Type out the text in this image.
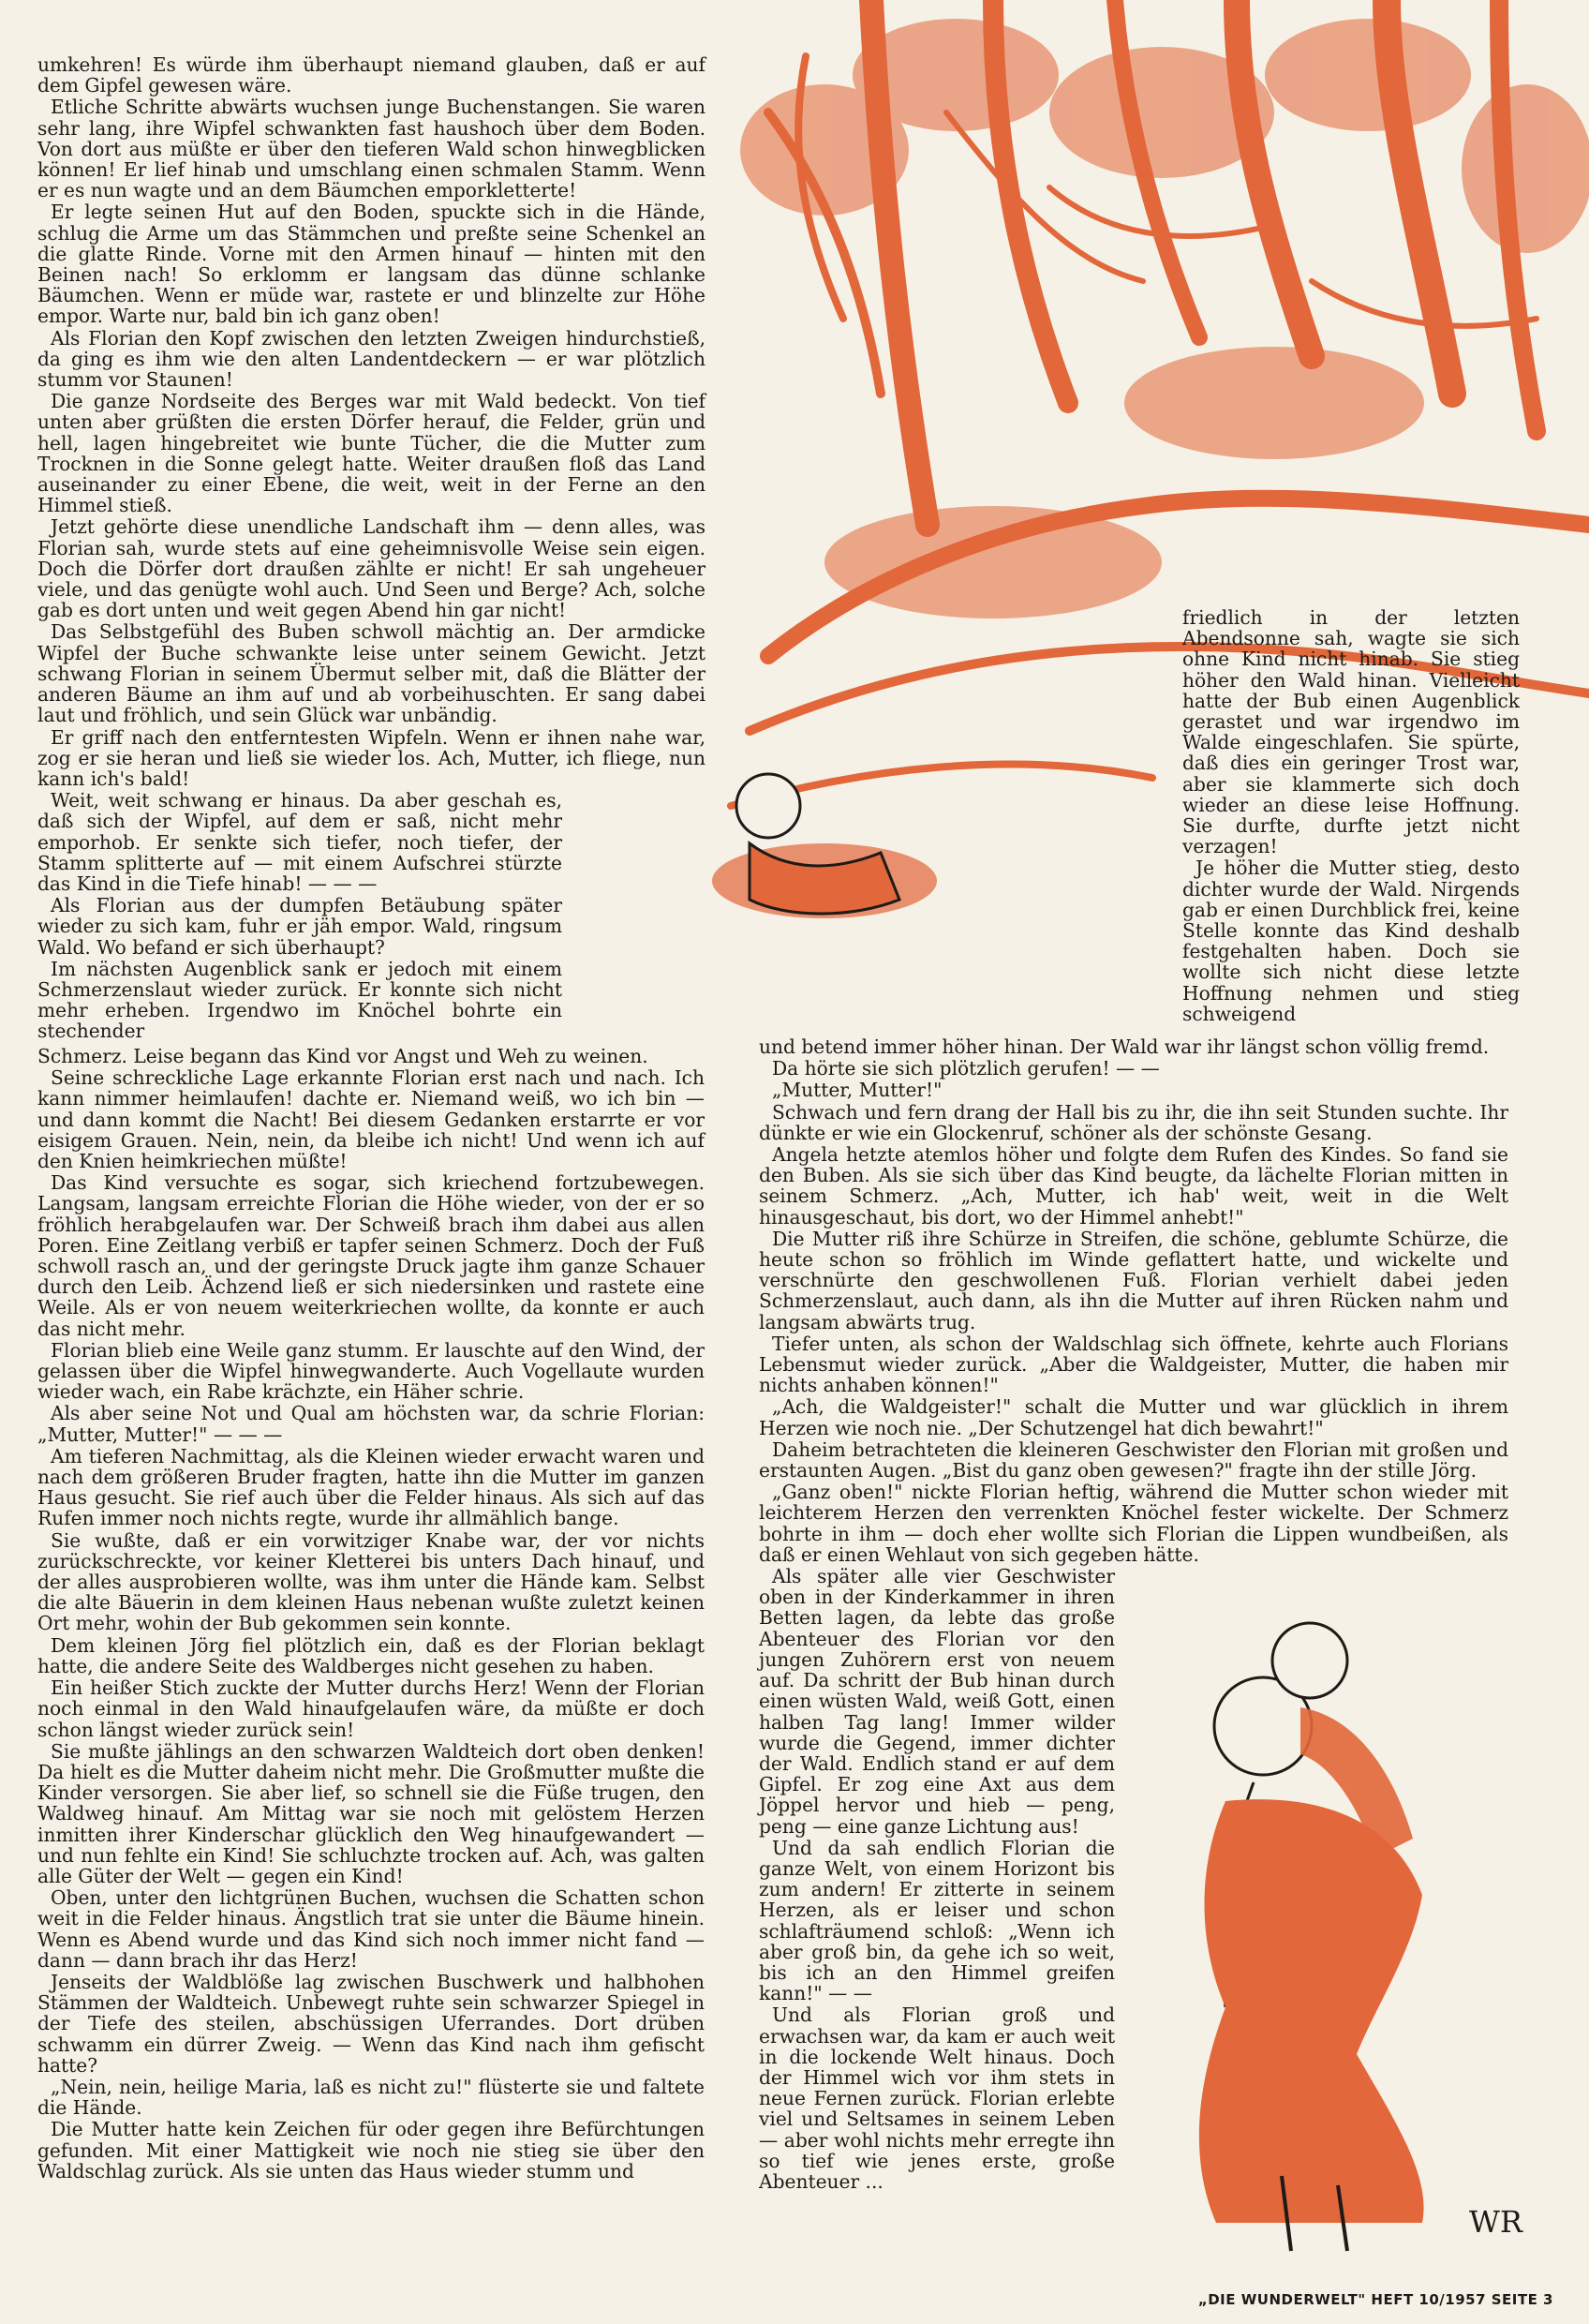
WR

umkehren! Es würde ihm überhaupt niemand glauben, daß er auf dem Gipfel gewesen wäre.

Etliche Schritte abwärts wuchsen junge Buchenstangen. Sie waren sehr lang, ihre Wipfel schwankten fast haushoch über dem Boden. Von dort aus müßte er über den tieferen Wald schon hinwegblicken können! Er lief hinab und umschlang einen schmalen Stamm. Wenn er es nun wagte und an dem Bäumchen emporkletterte!

Er legte seinen Hut auf den Boden, spuckte sich in die Hände, schlug die Arme um das Stämmchen und preßte seine Schenkel an die glatte Rinde. Vorne mit den Armen hinauf — hinten mit den Beinen nach! So erklomm er langsam das dünne schlanke Bäumchen. Wenn er müde war, rastete er und blinzelte zur Höhe empor. Warte nur, bald bin ich ganz oben!

Als Florian den Kopf zwischen den letzten Zweigen hindurchstieß, da ging es ihm wie den alten Landentdeckern — er war plötzlich stumm vor Staunen!

Die ganze Nordseite des Berges war mit Wald bedeckt. Von tief unten aber grüßten die ersten Dörfer herauf, die Felder, grün und hell, lagen hingebreitet wie bunte Tücher, die die Mutter zum Trocknen in die Sonne gelegt hatte. Weiter draußen floß das Land auseinander zu einer Ebene, die weit, weit in der Ferne an den Himmel stieß.

Jetzt gehörte diese unendliche Landschaft ihm — denn alles, was Florian sah, wurde stets auf eine geheimnisvolle Weise sein eigen. Doch die Dörfer dort draußen zählte er nicht! Er sah ungeheuer viele, und das genügte wohl auch. Und Seen und Berge? Ach, solche gab es dort unten und weit gegen Abend hin gar nicht!

Das Selbstgefühl des Buben schwoll mächtig an. Der armdicke Wipfel der Buche schwankte leise unter seinem Gewicht. Jetzt schwang Florian in seinem Übermut selber mit, daß die Blätter der anderen Bäume an ihm auf und ab vorbeihuschten. Er sang dabei laut und fröhlich, und sein Glück war unbändig.

Er griff nach den entferntesten Wipfeln. Wenn er ihnen nahe war, zog er sie heran und ließ sie wieder los. Ach, Mutter, ich fliege, nun kann ich's bald!

Weit, weit schwang er hinaus. Da aber geschah es, daß sich der Wipfel, auf dem er saß, nicht mehr emporhob. Er senkte sich tiefer, noch tiefer, der Stamm splitterte auf — mit einem Aufschrei stürzte das Kind in die Tiefe hinab! — — —

Als Florian aus der dumpfen Betäubung später wieder zu sich kam, fuhr er jäh empor. Wald, ringsum Wald. Wo befand er sich überhaupt?

Im nächsten Augenblick sank er jedoch mit einem Schmerzenslaut wieder zurück. Er konnte sich nicht mehr erheben. Irgendwo im Knöchel bohrte ein stechender

friedlich in der letzten Abendsonne sah, wagte sie sich ohne Kind nicht hinab. Sie stieg höher den Wald hinan. Vielleicht hatte der Bub einen Augenblick gerastet und war irgendwo im Walde eingeschlafen. Sie spürte, daß dies ein geringer Trost war, aber sie klammerte sich doch wieder an diese leise Hoffnung. Sie durfte, durfte jetzt nicht verzagen!

Je höher die Mutter stieg, desto dichter wurde der Wald. Nirgends gab er einen Durchblick frei, keine Stelle konnte das Kind deshalb festgehalten haben. Doch sie wollte sich nicht diese letzte Hoffnung nehmen und stieg schweigend

und betend immer höher hinan. Der Wald war ihr längst schon völlig fremd.

Da hörte sie sich plötzlich gerufen! — —

„Mutter, Mutter!"

Schwach und fern drang der Hall bis zu ihr, die ihn seit Stunden suchte. Ihr dünkte er wie ein Glockenruf, schöner als der schönste Gesang.

Angela hetzte atemlos höher und folgte dem Rufen des Kindes. So fand sie den Buben. Als sie sich über das Kind beugte, da lächelte Florian mitten in seinem Schmerz. „Ach, Mutter, ich hab' weit, weit in die Welt hinausgeschaut, bis dort, wo der Himmel anhebt!"

Die Mutter riß ihre Schürze in Streifen, die schöne, geblumte Schürze, die heute schon so fröhlich im Winde geflattert hatte, und wickelte und verschnürte den geschwollenen Fuß. Florian verhielt dabei jeden Schmerzenslaut, auch dann, als ihn die Mutter auf ihren Rücken nahm und langsam abwärts trug.

Tiefer unten, als schon der Waldschlag sich öffnete, kehrte auch Florians Lebensmut wieder zurück. „Aber die Waldgeister, Mutter, die haben mir nichts anhaben können!"

„Ach, die Waldgeister!" schalt die Mutter und war glücklich in ihrem Herzen wie noch nie. „Der Schutzengel hat dich bewahrt!"

Daheim betrachteten die kleineren Geschwister den Florian mit großen und erstaunten Augen. „Bist du ganz oben gewesen?" fragte ihn der stille Jörg.

„Ganz oben!" nickte Florian heftig, während die Mutter schon wieder mit leichterem Herzen den verrenkten Knöchel fester wickelte. Der Schmerz bohrte in ihm — doch eher wollte sich Florian die Lippen wundbeißen, als daß er einen Wehlaut von sich gegeben hätte.

Als später alle vier Geschwister oben in der Kinderkammer in ihren Betten lagen, da lebte das große Abenteuer des Florian vor den jungen Zuhörern erst von neuem auf. Da schritt der Bub hinan durch einen wüsten Wald, weiß Gott, einen halben Tag lang! Immer wilder wurde die Gegend, immer dichter der Wald. Endlich stand er auf dem Gipfel. Er zog eine Axt aus dem Jöppel hervor und hieb — peng, peng — eine ganze Lichtung aus!

Und da sah endlich Florian die ganze Welt, von einem Horizont bis zum andern! Er zitterte in seinem Herzen, als er leiser und schon schlafträumend schloß: „Wenn ich aber groß bin, da gehe ich so weit, bis ich an den Himmel greifen kann!" — —

Und als Florian groß und erwachsen war, da kam er auch weit in die lockende Welt hinaus. Doch der Himmel wich vor ihm stets in neue Fernen zurück. Florian erlebte viel und Seltsames in seinem Leben — aber wohl nichts mehr erregte ihn so tief wie jenes erste, große Abenteuer ...

Schmerz. Leise begann das Kind vor Angst und Weh zu weinen.

Seine schreckliche Lage erkannte Florian erst nach und nach. Ich kann nimmer heimlaufen! dachte er. Niemand weiß, wo ich bin — und dann kommt die Nacht! Bei diesem Gedanken erstarrte er vor eisigem Grauen. Nein, nein, da bleibe ich nicht! Und wenn ich auf den Knien heimkriechen müßte!

Das Kind versuchte es sogar, sich kriechend fortzubewegen. Langsam, langsam erreichte Florian die Höhe wieder, von der er so fröhlich herabgelaufen war. Der Schweiß brach ihm dabei aus allen Poren. Eine Zeitlang verbiß er tapfer seinen Schmerz. Doch der Fuß schwoll rasch an, und der geringste Druck jagte ihm ganze Schauer durch den Leib. Ächzend ließ er sich niedersinken und rastete eine Weile. Als er von neuem weiterkriechen wollte, da konnte er auch das nicht mehr.

Florian blieb eine Weile ganz stumm. Er lauschte auf den Wind, der gelassen über die Wipfel hinwegwanderte. Auch Vogellaute wurden wieder wach, ein Rabe krächzte, ein Häher schrie.

Als aber seine Not und Qual am höchsten war, da schrie Florian: „Mutter, Mutter!" — — —

Am tieferen Nachmittag, als die Kleinen wieder erwacht waren und nach dem größeren Bruder fragten, hatte ihn die Mutter im ganzen Haus gesucht. Sie rief auch über die Felder hinaus. Als sich auf das Rufen immer noch nichts regte, wurde ihr allmählich bange.

Sie wußte, daß er ein vorwitziger Knabe war, der vor nichts zurückschreckte, vor keiner Kletterei bis unters Dach hinauf, und der alles ausprobieren wollte, was ihm unter die Hände kam. Selbst die alte Bäuerin in dem kleinen Haus nebenan wußte zuletzt keinen Ort mehr, wohin der Bub gekommen sein konnte.

Dem kleinen Jörg fiel plötzlich ein, daß es der Florian beklagt hatte, die andere Seite des Waldberges nicht gesehen zu haben.

Ein heißer Stich zuckte der Mutter durchs Herz! Wenn der Florian noch einmal in den Wald hinaufgelaufen wäre, da müßte er doch schon längst wieder zurück sein!

Sie mußte jählings an den schwarzen Waldteich dort oben denken! Da hielt es die Mutter daheim nicht mehr. Die Großmutter mußte die Kinder versorgen. Sie aber lief, so schnell sie die Füße trugen, den Waldweg hinauf. Am Mittag war sie noch mit gelöstem Herzen inmitten ihrer Kinderschar glücklich den Weg hinaufgewandert — und nun fehlte ein Kind! Sie schluchzte trocken auf. Ach, was galten alle Güter der Welt — gegen ein Kind!

Oben, unter den lichtgrünen Buchen, wuchsen die Schatten schon weit in die Felder hinaus. Ängstlich trat sie unter die Bäume hinein. Wenn es Abend wurde und das Kind sich noch immer nicht fand — dann — dann brach ihr das Herz!

Jenseits der Waldblöße lag zwischen Buschwerk und halbhohen Stämmen der Waldteich. Unbewegt ruhte sein schwarzer Spiegel in der Tiefe des steilen, abschüssigen Uferrandes. Dort drüben schwamm ein dürrer Zweig. — Wenn das Kind nach ihm gefischt hatte?

„Nein, nein, heilige Maria, laß es nicht zu!" flüsterte sie und faltete die Hände.

Die Mutter hatte kein Zeichen für oder gegen ihre Befürchtungen gefunden. Mit einer Mattigkeit wie noch nie stieg sie über den Waldschlag zurück. Als sie unten das Haus wieder stumm und

„DIE WUNDERWELT" HEFT 10/1957 SEITE 3
